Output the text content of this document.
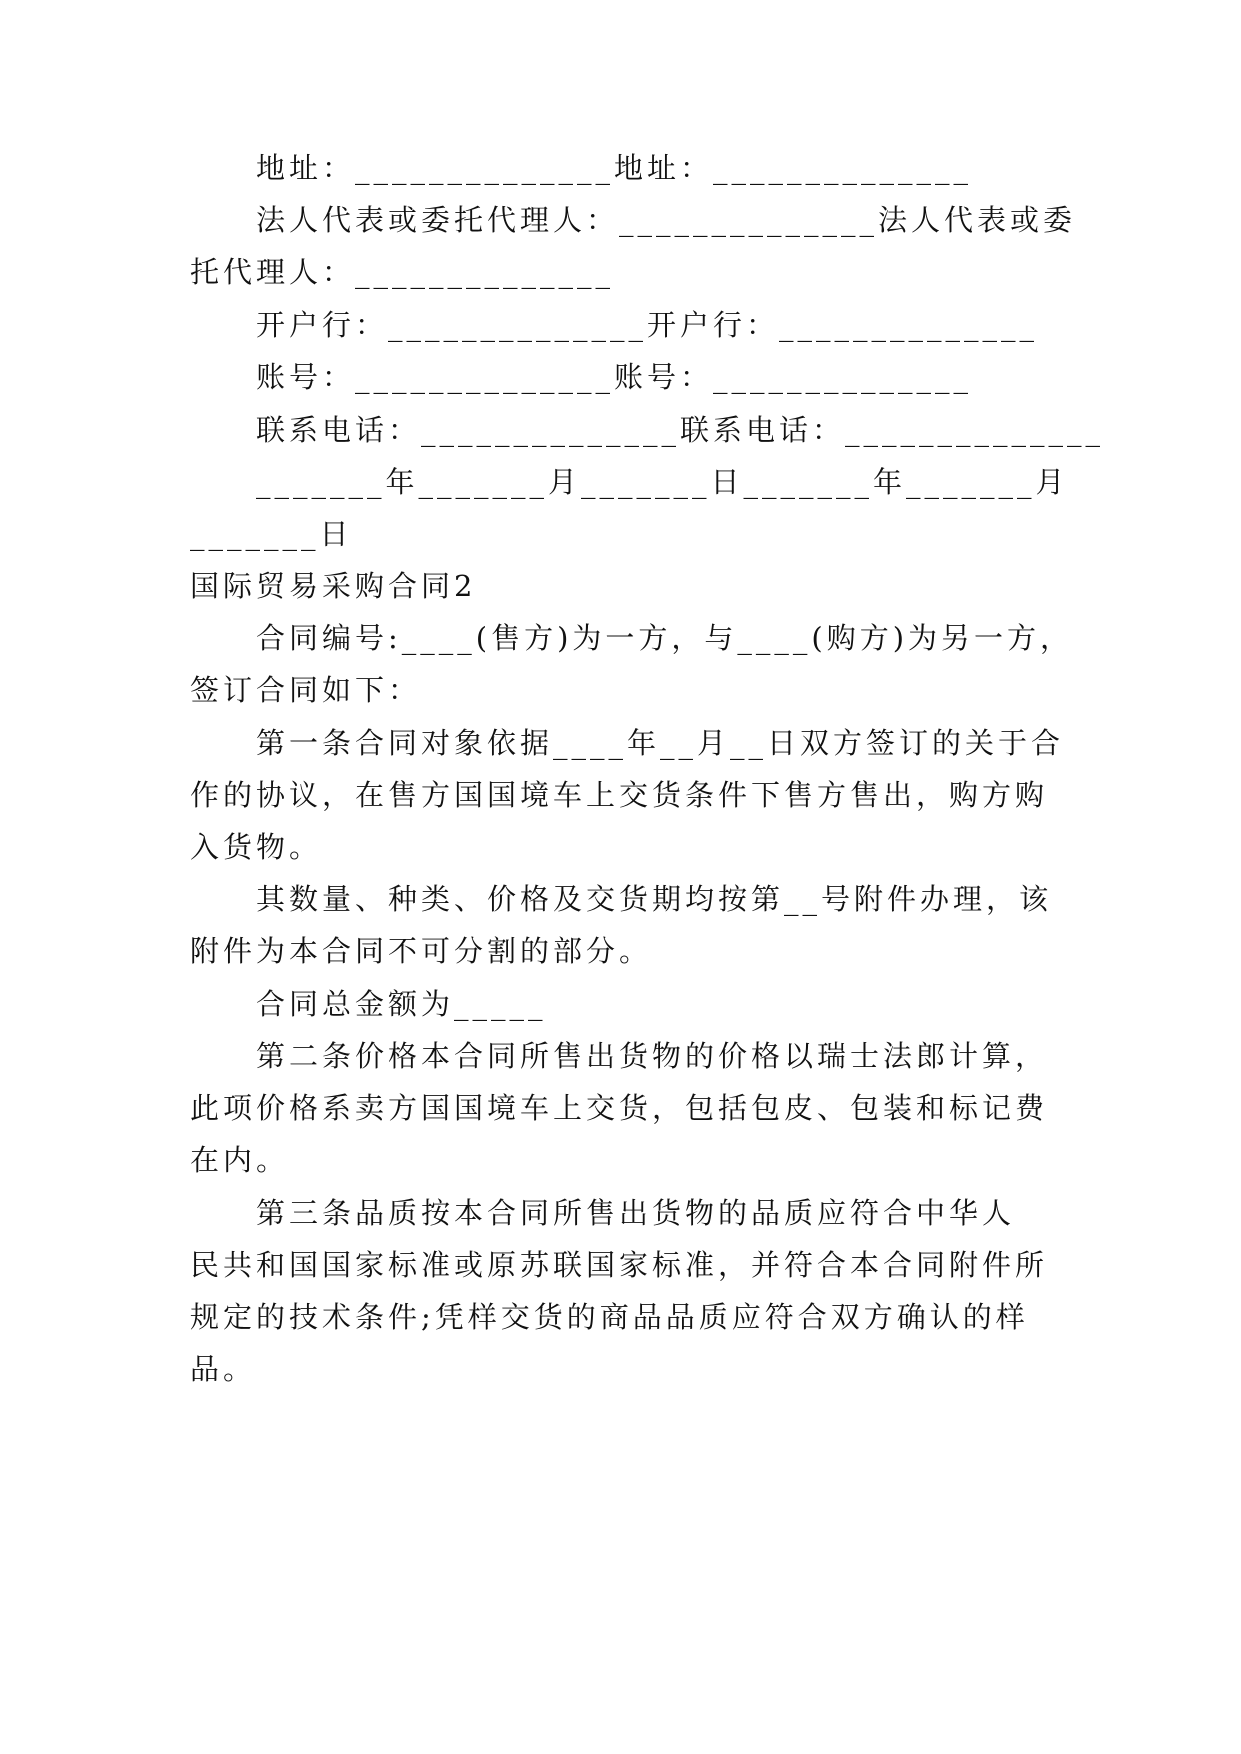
地址：______________地址：______________
法人代表或委托代理人：______________法人代表或委
托代理人：______________
开户行：______________开户行：______________
账号：______________账号：______________
联系电话：______________联系电话：______________
_______年_______月_______日_______年_______月
_______日
国际贸易采购合同2
合同编号:____(售方)为一方，与____(购方)为另一方，
签订合同如下：
第一条合同对象依据____年__月__日双方签订的关于合
作的协议，在售方国国境车上交货条件下售方售出，购方购
入货物。
其数量、种类、价格及交货期均按第__号附件办理，该
附件为本合同不可分割的部分。
合同总金额为_____
第二条价格本合同所售出货物的价格以瑞士法郎计算，
此项价格系卖方国国境车上交货，包括包皮、包装和标记费
在内。
第三条品质按本合同所售出货物的品质应符合中华人
民共和国国家标准或原苏联国家标准，并符合本合同附件所
规定的技术条件;凭样交货的商品品质应符合双方确认的样
品。
